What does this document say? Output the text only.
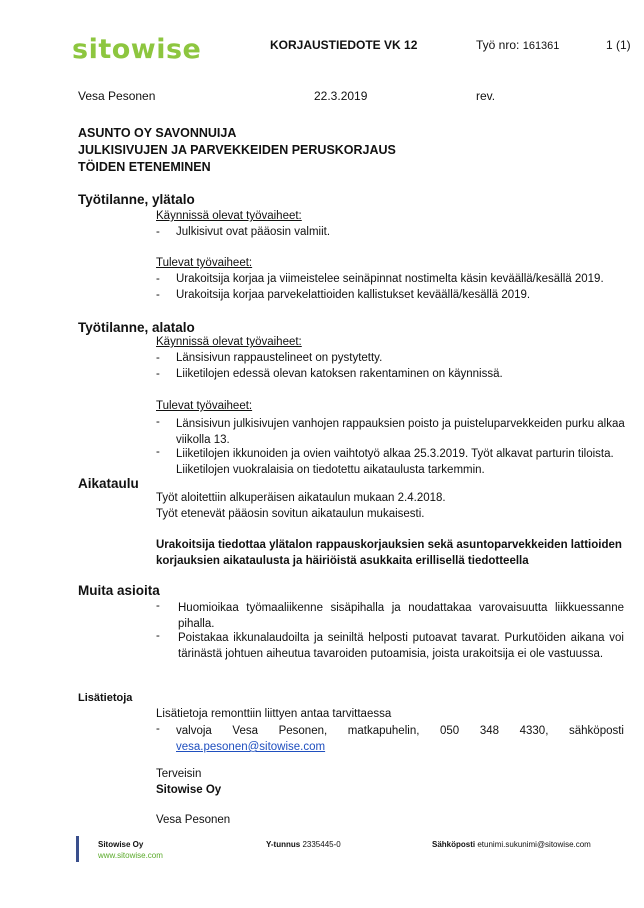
sitowise	KORJAUSTIEDOTE VK 12	Työ nro: 161361	1 (1)
Vesa Pesonen	22.3.2019	rev.
ASUNTO OY SAVONNUIJA
JULKISIVUJEN JA PARVEKKEIDEN PERUSKORJAUS
TÖIDEN ETENEMINEN
Työtilanne, ylätalo
Käynnissä olevat työvaiheet:
- Julkisivut ovat pääosin valmiit.
Tulevat työvaiheet:
- Urakoitsija korjaa ja viimeistelee seinäpinnat nostimelta käsin keväällä/kesällä 2019.
- Urakoitsija korjaa parvekelattioiden kallistukset keväällä/kesällä 2019.
Työtilanne, alatalo
Käynnissä olevat työvaiheet:
- Länsisivun rappaustelineet on pystytetty.
- Liiketilojen edessä olevan katoksen rakentaminen on käynnissä.
Tulevat työvaiheet:
- Länsisivun julkisivujen vanhojen rappauksien poisto ja puisteluparvekkeiden purku alkaa viikolla 13.
- Liiketilojen ikkunoiden ja ovien vaihtotyö alkaa 25.3.2019. Työt alkavat parturin tiloista. Liiketilojen vuokralaisia on tiedotettu aikataulusta tarkemmin.
Aikataulu
Työt aloitettiin alkuperäisen aikataulun mukaan 2.4.2018.
Työt etenevät pääosin sovitun aikataulun mukaisesti.
Urakoitsija tiedottaa ylätalon rappauskorjauksien sekä asuntoparvekkeiden lattioiden korjauksien aikataulusta ja häiriöistä asukkaita erillisellä tiedotteella
Muita asioita
- Huomioikaa työmaaliikenne sisäpihalla ja noudattakaa varovaisuutta liikkuessanne pihalla.
- Poistakaa ikkunalaudoilta ja seiniltä helposti putoavat tavarat. Purkutöiden aikana voi tärinästä johtuen aiheutua tavaroiden putoamisia, joista urakoitsija ei ole vastuussa.
Lisätietoja
Lisätietoja remonttiin liittyen antaa tarvittaessa
- valvoja Vesa Pesonen, matkapuhelin, 050 348 4330, sähköposti vesa.pesonen@sitowise.com
Terveisin
Sitowise Oy
Vesa Pesonen
Sitowise Oy
www.sitowise.com
Y-tunnus 2335445-0	Sähköposti etunimi.sukunimi@sitowise.com
